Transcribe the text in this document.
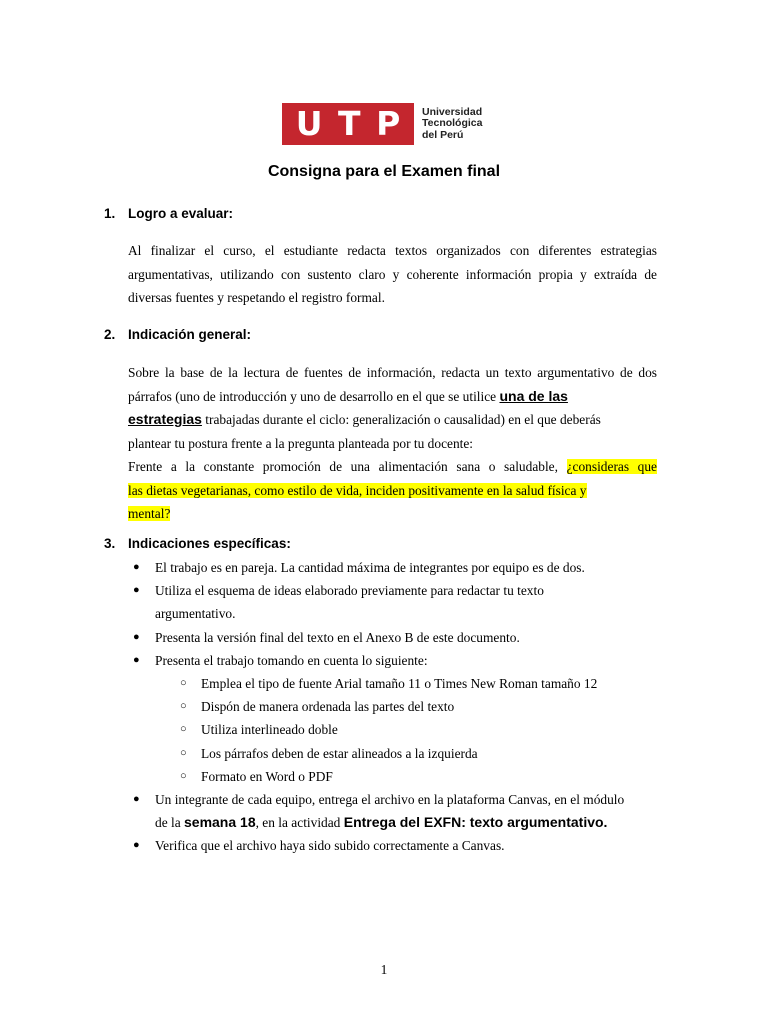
U T P Universidad
Tecnológica
del Perú
Consigna para el Examen final
1. Logro a evaluar:
Al finalizar el curso, el estudiante redacta textos organizados con diferentes estrategias
argumentativas, utilizando con sustento claro y coherente información propia y extraída de
diversas fuentes y respetando el registro formal.
2. Indicación general:
Sobre la base de la lectura de fuentes de información, redacta un texto argumentativo de dos
párrafos (uno de introducción y uno de desarrollo en el que se utilice una de las
estrategias trabajadas durante el ciclo: generalización o causalidad) en el que deberás
plantear tu postura frente a la pregunta planteada por tu docente:
Frente a la constante promoción de una alimentación sana o saludable, ¿consideras que
las dietas vegetarianas, como estilo de vida, inciden positivamente en la salud física y
mental?
3. Indicaciones específicas:
● El trabajo es en pareja. La cantidad máxima de integrantes por equipo es de dos.
● Utiliza el esquema de ideas elaborado previamente para redactar tu texto
argumentativo.
● Presenta la versión final del texto en el Anexo B de este documento.
● Presenta el trabajo tomando en cuenta lo siguiente:
○ Emplea el tipo de fuente Arial tamaño 11 o Times New Roman tamaño 12
○ Dispón de manera ordenada las partes del texto
○ Utiliza interlineado doble
○ Los párrafos deben de estar alineados a la izquierda
○ Formato en Word o PDF
● Un integrante de cada equipo, entrega el archivo en la plataforma Canvas, en el módulo
de la semana 18, en la actividad Entrega del EXFN: texto argumentativo.
● Verifica que el archivo haya sido subido correctamente a Canvas.
1
